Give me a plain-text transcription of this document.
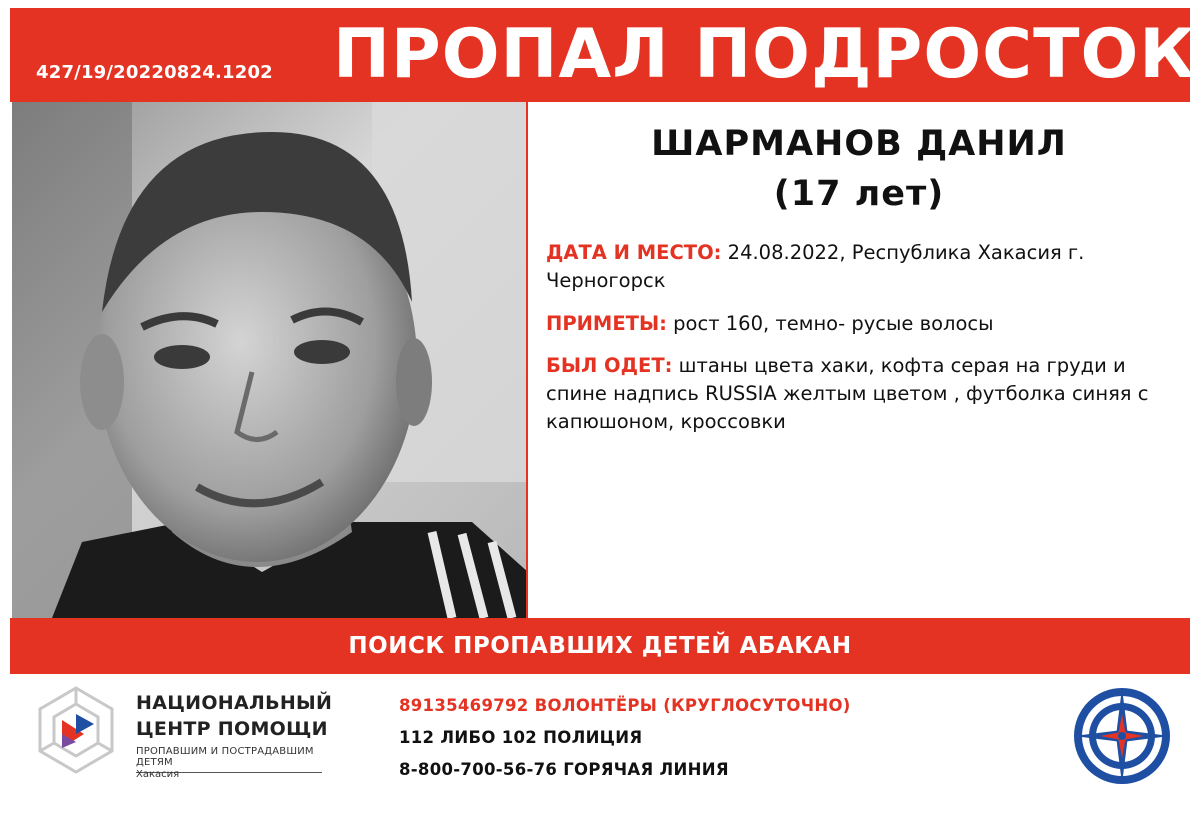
427/19/20220824.1202 ПРОПАЛ ПОДРОСТОК
ШАРМАНОВ ДАНИЛ
(17 лет)
ДАТА И МЕСТО: 24.08.2022, Республика Хакасия г. Черногорск
ПРИМЕТЫ: рост 160, темно- русые волосы
БЫЛ ОДЕТ: штаны цвета хаки, кофта серая на груди и спине надпись RUSSIA желтым цветом , футболка синяя с капюшоном, кроссовки
ПОИСК ПРОПАВШИХ ДЕТЕЙ АБАКАН
НАЦИОНАЛЬНЫЙ
ЦЕНТР ПОМОЩИ
ПРОПАВШИМ И ПОСТРАДАВШИМ ДЕТЯМ
Хакасия
89135469792 ВОЛОНТЁРЫ (КРУГЛОСУТОЧНО)
112 ЛИБО 102 ПОЛИЦИЯ
8-800-700-56-76 ГОРЯЧАЯ ЛИНИЯ
